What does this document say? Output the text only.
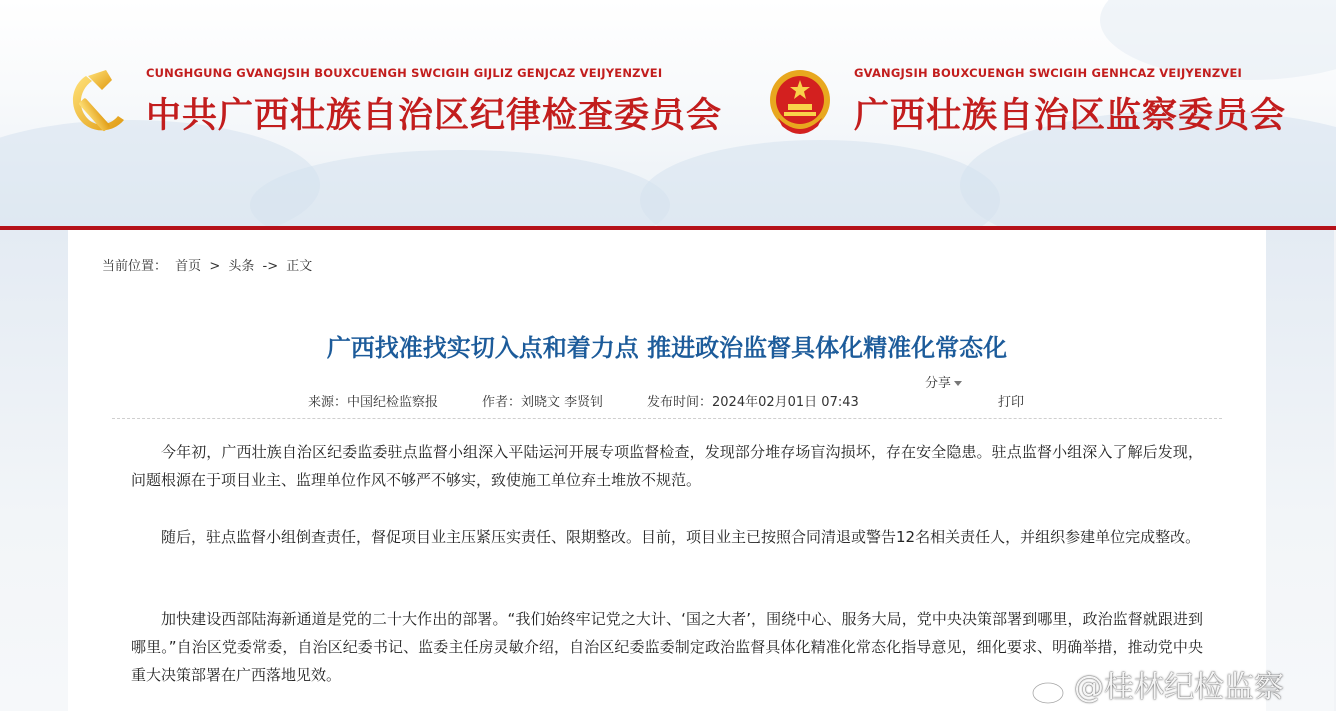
CUNGHGUNG GVANGJSIH BOUXCUENGH SWCIGIH GIJLIZ GENJCAZ VEIJYENZVEI
中共广西壮族自治区纪律检查委员会
GVANGJSIH BOUXCUENGH SWCIGIH GENHCAZ VEIJYENZVEI
广西壮族自治区监察委员会
当前位置： 首页 > 头条 -> 正文
广西找准找实切入点和着力点 推进政治监督具体化精准化常态化
分享
来源：中国纪检监察报	作者：刘晓文 李贤钊	发布时间：2024年02月01日 07:43	打印

今年初，广西壮族自治区纪委监委驻点监督小组深入平陆运河开展专项监督检查，发现部分堆存场盲沟损坏，存在安全隐患。驻点监督小组深入了解后发现，问题根源在于项目业主、监理单位作风不够严不够实，致使施工单位弃土堆放不规范。

随后，驻点监督小组倒查责任，督促项目业主压紧压实责任、限期整改。目前，项目业主已按照合同清退或警告12名相关责任人，并组织参建单位完成整改。

加快建设西部陆海新通道是党的二十大作出的部署。“我们始终牢记党之大计、‘国之大者’，围绕中心、服务大局，党中央决策部署到哪里，政治监督就跟进到哪里。”自治区党委常委，自治区纪委书记、监委主任房灵敏介绍，自治区纪委监委制定政治监督具体化精准化常态化指导意见，细化要求、明确举措，推动党中央重大决策部署在广西落地见效。	@桂林纪检监察
